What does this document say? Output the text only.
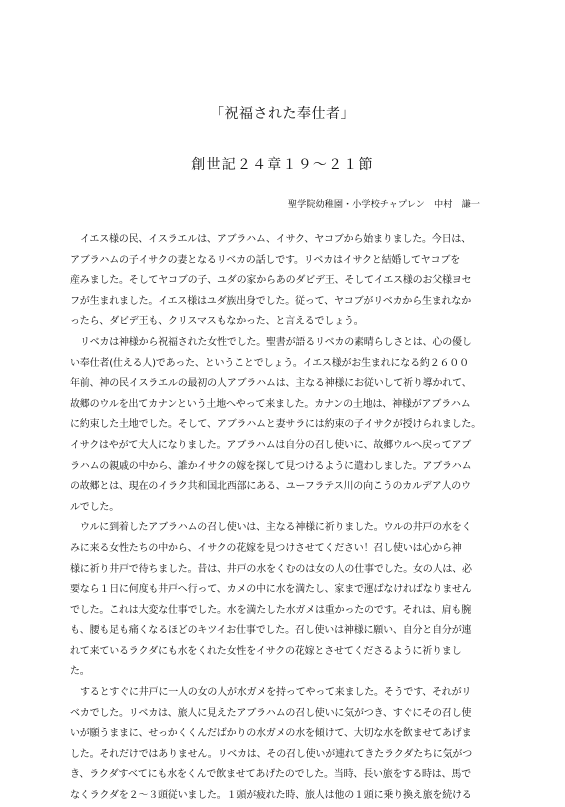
「祝福された奉仕者」
創世記２４章１９～２１節
聖学院幼稚園・小学校チャプレン　中村　謙一
イエス様の民、イスラエルは、アブラハム、イサク、ヤコブから始まりました。今日は、
アブラハムの子イサクの妻となるリベカの話しです。リベカはイサクと結婚してヤコブを
産みました。そしてヤコブの子、ユダの家からあのダビデ王、そしてイエス様のお父様ヨセ
フが生まれました。イエス様はユダ族出身でした。従って、ヤコブがリベカから生まれなか
ったら、ダビデ王も、クリスマスもなかった、と言えるでしょう。
リベカは神様から祝福された女性でした。聖書が語るリベカの素晴らしさとは、心の優し
い奉仕者(仕える人)であった、ということでしょう。イエス様がお生まれになる約２６００
年前、神の民イスラエルの最初の人アブラハムは、主なる神様にお従いして祈り導かれて、
故郷のウルを出てカナンという土地へやって来ました。カナンの土地は、神様がアブラハム
に約束した土地でした。そして、アブラハムと妻サラには約束の子イサクが授けられました。
イサクはやがて大人になりました。アブラハムは自分の召し使いに、故郷ウルへ戻ってアブ
ラハムの親戚の中から、誰かイサクの嫁を探して見つけるように遣わしました。アブラハム
の故郷とは、現在のイラク共和国北西部にある、ユーフラテス川の向こうのカルデア人のウ
ルでした。
ウルに到着したアブラハムの召し使いは、主なる神様に祈りました。ウルの井戸の水をく
みに来る女性たちの中から、イサクの花嫁を見つけさせてください！召し使いは心から神
様に祈り井戸で待ちました。昔は、井戸の水をくむのは女の人の仕事でした。女の人は、必
要なら１日に何度も井戸へ行って、カメの中に水を満たし、家まで運ばなければなりません
でした。これは大変な仕事でした。水を満たした水ガメは重かったのです。それは、肩も腕
も、腰も足も痛くなるほどのキツイお仕事でした。召し使いは神様に願い、自分と自分が連
れて来ているラクダにも水をくれた女性をイサクの花嫁とさせてくださるように祈りまし
た。
するとすぐに井戸に一人の女の人が水ガメを持ってやって来ました。そうです、それがリ
ベカでした。リベカは、旅人に見えたアブラハムの召し使いに気がつき、すぐにその召し使
いが願うままに、せっかくくんだばかりの水ガメの水を傾けて、大切な水を飲ませてあげま
した。それだけではありません。リベカは、その召し使いが連れてきたラクダたちに気がつ
き、ラクダすべてにも水をくんで飲ませてあげたのでした。当時、長い旅をする時は、馬で
なくラクダを２～３頭従いました。１頭が疲れた時、旅人は他の１頭に乗り換え旅を続ける
